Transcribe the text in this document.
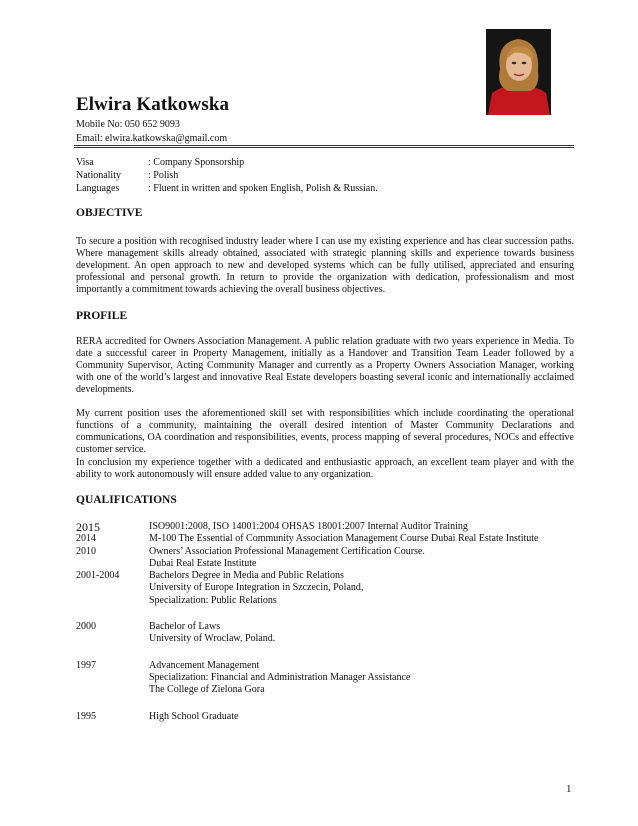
Elwira Katkowska
Mobile No: 050 652 9093
Email: elwira.katkowska@gmail.com
Visa	: Company Sponsorship
Nationality	: Polish
Languages	: Fluent in written and spoken English, Polish & Russian.
OBJECTIVE

To secure a position with recognised industry leader where I can use my existing experience and has clear succession paths. Where management skills already obtained, associated with strategic planning skills and experience towards business development. An open approach to new and developed systems which can be fully utilised, appreciated and ensuring professional and personal growth. In return to provide the organization with dedication, professionalism and most importantly a commitment towards achieving the overall business objectives.

PROFILE

RERA accredited for Owners Association Management. A public relation graduate with two years experience in Media. To date a successful career in Property Management, initially as a Handover and Transition Team Leader followed by a Community Supervisor, Acting Community Manager and currently as a Property Owners Association Manager, working with one of the world’s largest and innovative Real Estate developers boasting several iconic and internationally acclaimed developments.

My current position uses the aforementioned skill set with responsibilities which include coordinating the operational functions of a community, maintaining the overall desired intention of Master Community Declarations and communications, OA coordination and responsibilities, events, process mapping of several procedures, NOCs and effective customer service.

In conclusion my experience together with a dedicated and enthusiastic approach, an excellent team player and with the ability to work autonomously will ensure added value to any organization.

QUALIFICATIONS
2015	ISO9001:2008, ISO 14001:2004 OHSAS 18001:2007 Internal Auditor Training
2014	M-100 The Essential of Community Association Management Course Dubai Real Estate Institute
2010	Owners’ Association Professional Management Certification Course.
Dubai Real Estate Institute
2001-2004	Bachelors Degree in Media and Public Relations
University of Europe Integration in Szczecin, Poland,
Specialization: Public Relations
2000	Bachelor of Laws
University of Wroclaw, Poland.
1997	Advancement Management
Specialization: Financial and Administration Manager Assistance
The College of Zielona Gora
1995	High School Graduate
1
